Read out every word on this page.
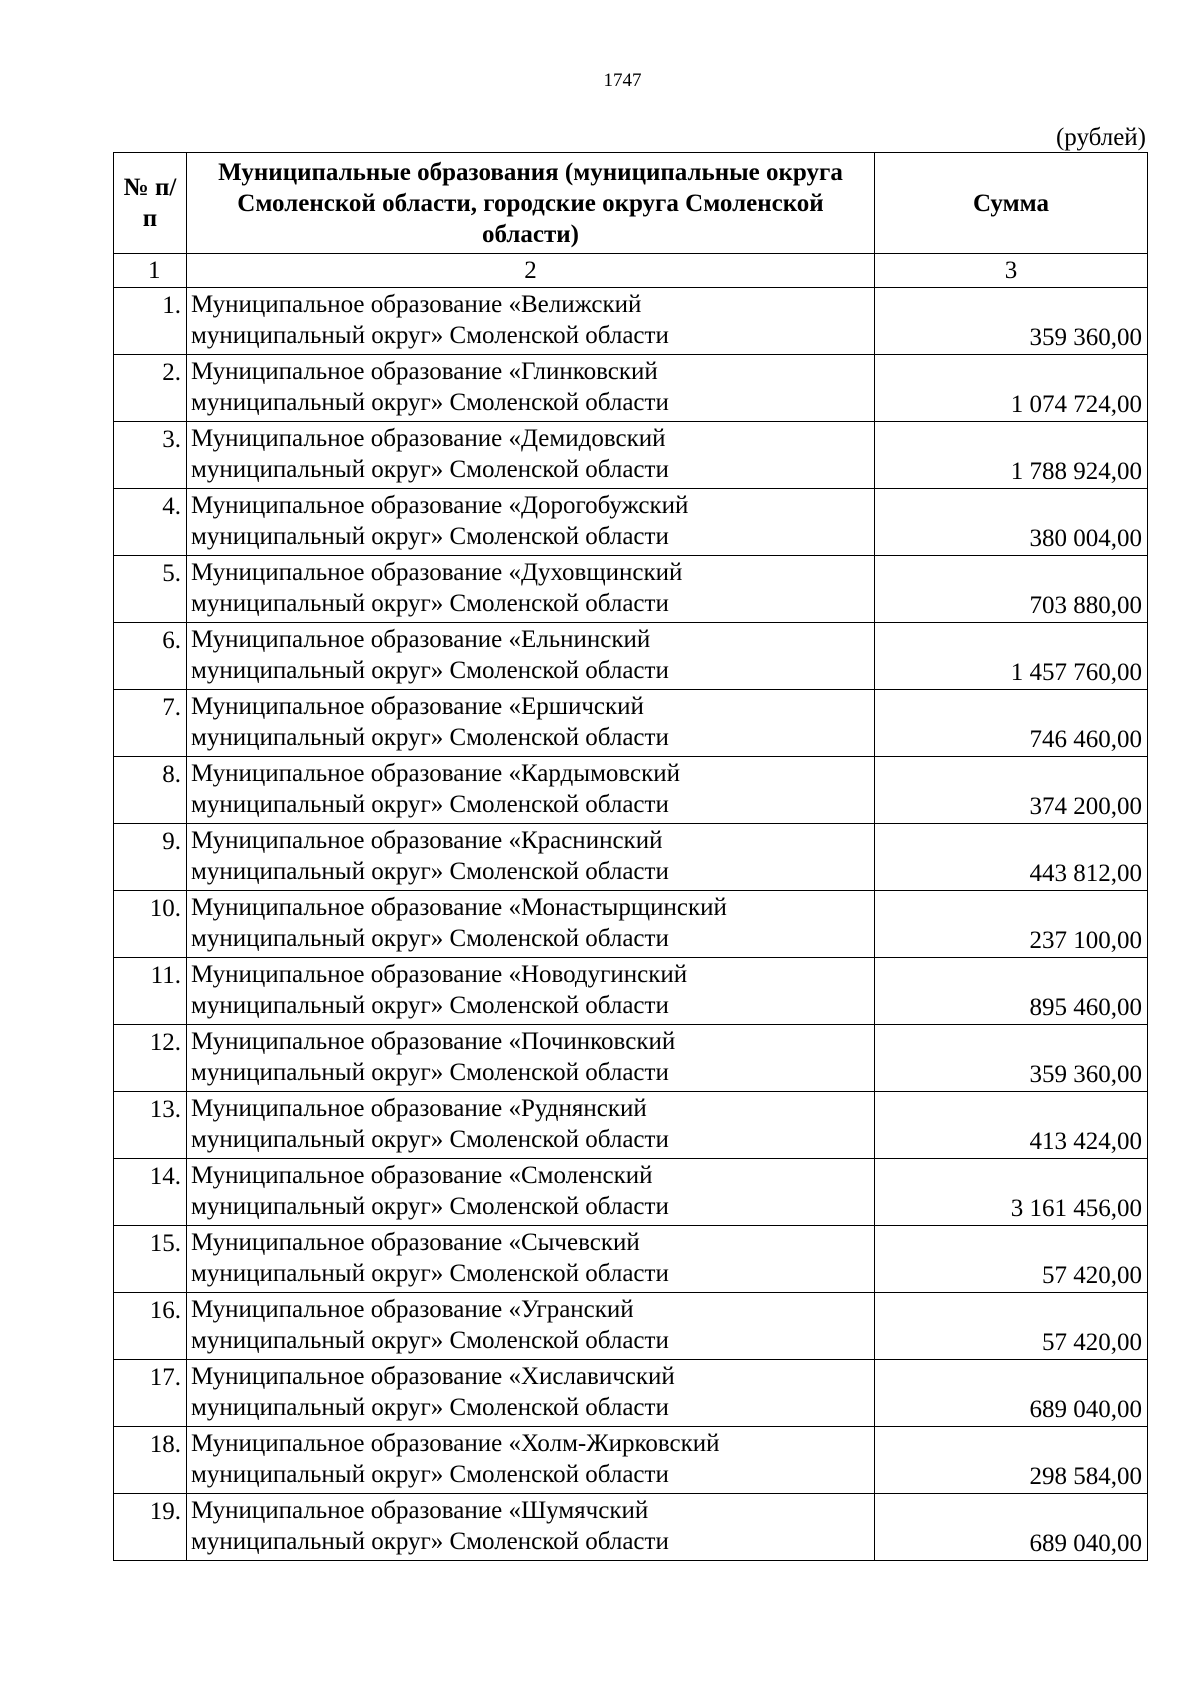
1747
(рублей)
№ п/п	Муниципальные образования (муниципальные округа Смоленской области, городские округа Смоленской области)	Сумма
1	2	3
1.	Муниципальное образование «Велижский
муниципальный округ» Смоленской области	359 360,00
2.	Муниципальное образование «Глинковский
муниципальный округ» Смоленской области	1 074 724,00
3.	Муниципальное образование «Демидовский
муниципальный округ» Смоленской области	1 788 924,00
4.	Муниципальное образование «Дорогобужский
муниципальный округ» Смоленской области	380 004,00
5.	Муниципальное образование «Духовщинский
муниципальный округ» Смоленской области	703 880,00
6.	Муниципальное образование «Ельнинский
муниципальный округ» Смоленской области	1 457 760,00
7.	Муниципальное образование «Ершичский
муниципальный округ» Смоленской области	746 460,00
8.	Муниципальное образование «Кардымовский
муниципальный округ» Смоленской области	374 200,00
9.	Муниципальное образование «Краснинский
муниципальный округ» Смоленской области	443 812,00
10.	Муниципальное образование «Монастырщинский
муниципальный округ» Смоленской области	237 100,00
11.	Муниципальное образование «Новодугинский
муниципальный округ» Смоленской области	895 460,00
12.	Муниципальное образование «Починковский
муниципальный округ» Смоленской области	359 360,00
13.	Муниципальное образование «Руднянский
муниципальный округ» Смоленской области	413 424,00
14.	Муниципальное образование «Смоленский
муниципальный округ» Смоленской области	3 161 456,00
15.	Муниципальное образование «Сычевский
муниципальный округ» Смоленской области	57 420,00
16.	Муниципальное образование «Угранский
муниципальный округ» Смоленской области	57 420,00
17.	Муниципальное образование «Хиславичский
муниципальный округ» Смоленской области	689 040,00
18.	Муниципальное образование «Холм-Жирковский
муниципальный округ» Смоленской области	298 584,00
19.	Муниципальное образование «Шумячский
муниципальный округ» Смоленской области	689 040,00
